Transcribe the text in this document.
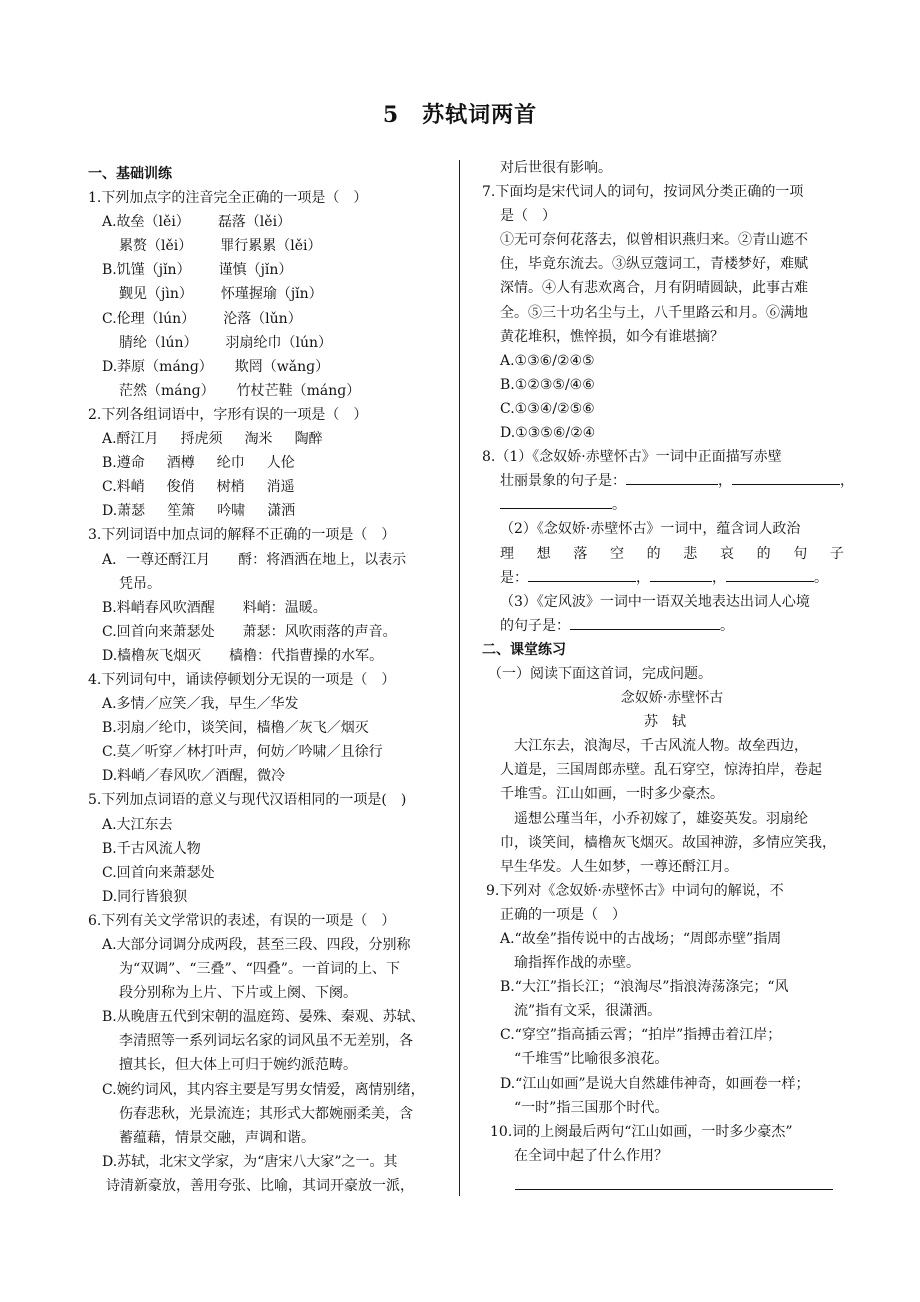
5　苏轼词两首
一、基础训练
1.下列加点字的注音完全正确的一项是（　）
A.故垒（lěi） 磊落（lěi）
累赘（lěi） 罪行累累（lěi）
B.饥馑（jǐn） 谨慎（jǐn）
觐见（jìn） 怀瑾握瑜（jǐn）
C.伦理（lún） 沦落（lǔn）
腈纶（lún） 羽扇纶巾（lún）
D.莽原（mánɡ） 欺罔（wǎnɡ）
茫然（mánɡ） 竹杖芒鞋（mánɡ）
2.下列各组词语中，字形有误的一项是（　）
A.酹江月 捋虎须 淘米 陶醉
B.遵命 酒樽 纶巾 人伦
C.料峭 俊俏 树梢 消遥
D.萧瑟 笙箫 吟啸 潇洒
3.下列词语中加点词的解释不正确的一项是（　）
A．一尊还酹江月　　酹：将酒洒在地上，以表示
凭吊。
B.料峭春风吹酒醒　　料峭：温暖。
C.回首向来萧瑟处　　萧瑟：风吹雨落的声音。
D.樯橹灰飞烟灭　　樯橹：代指曹操的水军。
4.下列词句中，诵读停顿划分无误的一项是（　）
A.多情／应笑／我，早生／华发
B.羽扇／纶巾，谈笑间，樯橹／灰飞／烟灭
C.莫／听穿／林打叶声，何妨／吟啸／且徐行
D.料峭／春风吹／酒醒，微冷
5.下列加点词语的意义与现代汉语相同的一项是(　)
A.大江东去
B.千古风流人物
C.回首向来萧瑟处
D.同行皆狼狈
6.下列有关文学常识的表述，有误的一项是（　）
A.大部分词调分成两段，甚至三段、四段，分别称
为“双调”、“三叠”、“四叠”。一首词的上、下
段分别称为上片、下片或上阕、下阕。
B.从晚唐五代到宋朝的温庭筠、晏殊、秦观、苏轼、
李清照等一系列词坛名家的词风虽不无差别，各
擅其长，但大体上可归于婉约派范畴。
C.婉约词风，其内容主要是写男女情爱，离情别绪，
伤春悲秋，光景流连；其形式大都婉丽柔美，含
蓄蕴藉，情景交融，声调和谐。
D.苏轼，北宋文学家，为“唐宋八大家”之一。其
诗清新豪放，善用夸张、比喻，其词开豪放一派，
对后世很有影响。
7.下面均是宋代词人的词句，按词风分类正确的一项
是（　）
①无可奈何花落去，似曾相识燕归来。②青山遮不
住，毕竟东流去。③纵豆蔻词工，青楼梦好，难赋
深情。④人有悲欢离合，月有阴晴圆缺，此事古难
全。⑤三十功名尘与土，八千里路云和月。⑥满地
黄花堆积，憔悴损，如今有谁堪摘？
A.①③⑥/②④⑤
B.①②③⑤/④⑥
C.①③④/②⑤⑥
D.①③⑤⑥/②④
8.（1）《念奴娇·赤壁怀古》一词中正面描写赤壁
壮丽景象的句子是：	，	，
。
（2）《念奴娇·赤壁怀古》一词中，蕴含词人政治
理 想 落 空 的 悲 哀 的 句 子
是：	，	，	。
（3）《定风波》一词中一语双关地表达出词人心境
的句子是：	。
二、课堂练习
（一）阅读下面这首词，完成问题。
念奴娇·赤壁怀古
苏轼
大江东去，浪淘尽，千古风流人物。故垒西边，
人道是，三国周郎赤壁。乱石穿空，惊涛拍岸，卷起
千堆雪。江山如画，一时多少豪杰。
遥想公瑾当年，小乔初嫁了，雄姿英发。羽扇纶
巾，谈笑间，樯橹灰飞烟灭。故国神游，多情应笑我，
早生华发。人生如梦，一尊还酹江月。
9.下列对《念奴娇·赤壁怀古》中词句的解说，不
正确的一项是（　）
A.“故垒”指传说中的古战场；“周郎赤壁”指周
瑜指挥作战的赤壁。
B.“大江”指长江；“浪淘尽”指浪涛荡涤完；“风
流”指有文采，很潇洒。
C.“穿空”指高插云霄；“拍岸”指搏击着江岸；
“千堆雪”比喻很多浪花。
D.“江山如画”是说大自然雄伟神奇，如画卷一样；
“一时”指三国那个时代。
10.词的上阕最后两句“江山如画，一时多少豪杰”
在全词中起了什么作用？
